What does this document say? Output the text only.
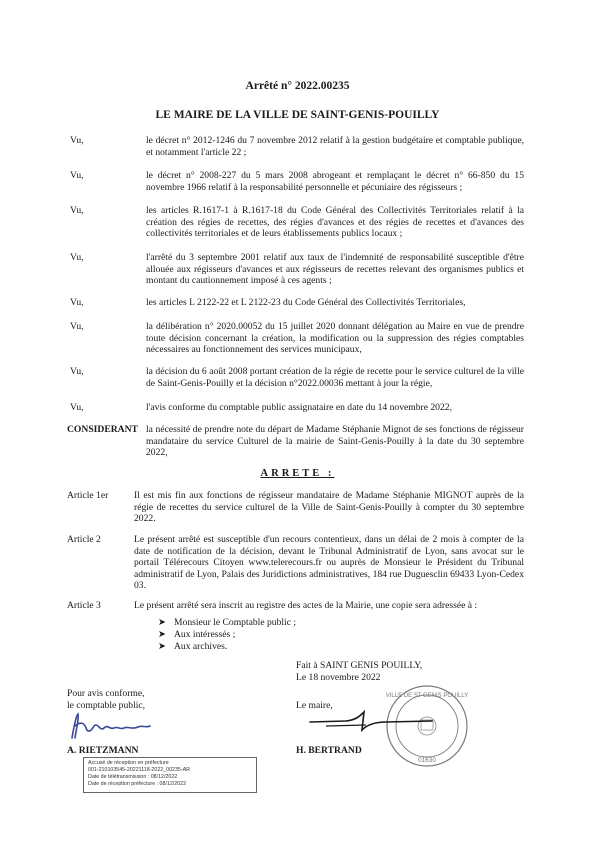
Arrêté n° 2022.00235
LE MAIRE DE LA VILLE DE SAINT-GENIS-POUILLY
Vu,	le décret n° 2012-1246 du 7 novembre 2012 relatif à la gestion budgétaire et comptable publique, et notamment l'article 22 ;
Vu,	le décret n° 2008-227 du 5 mars 2008 abrogeant et remplaçant le décret n° 66-850 du 15 novembre 1966 relatif à la responsabilité personnelle et pécuniaire des régisseurs ;
Vu,	les articles R.1617-1 à R.1617-18 du Code Général des Collectivités Territoriales relatif à la création des régies de recettes, des régies d'avances et des régies de recettes et d'avances des collectivités territoriales et de leurs établissements publics locaux ;
Vu,	l'arrêté du 3 septembre 2001 relatif aux taux de l'indemnité de responsabilité susceptible d'être allouée aux régisseurs d'avances et aux régisseurs de recettes relevant des organismes publics et montant du cautionnement imposé à ces agents ;
Vu,	les articles L 2122-22 et L 2122-23 du Code Général des Collectivités Territoriales,
Vu,	la délibération n° 2020.00052 du 15 juillet 2020 donnant délégation au Maire en vue de prendre toute décision concernant la création, la modification ou la suppression des régies comptables nécessaires au fonctionnement des services municipaux,
Vu,	la décision du 6 août 2008 portant création de la régie de recette pour le service culturel de la ville de Saint-Genis-Pouilly et la décision n°2022.00036 mettant à jour la régie,
Vu,	l'avis conforme du comptable public assignataire en date du 14 novembre 2022,
CONSIDERANT la nécessité de prendre note du départ de Madame Stéphanie Mignot de ses fonctions de régisseur mandataire du service Culturel de la mairie de Saint-Genis-Pouilly à la date du 30 septembre 2022,
ARRETE :
Article 1er	Il est mis fin aux fonctions de régisseur mandataire de Madame Stéphanie MIGNOT auprès de la régie de recettes du service culturel de la Ville de Saint-Genis-Pouilly à compter du 30 septembre 2022.
Article 2	Le présent arrêté est susceptible d'un recours contentieux, dans un délai de 2 mois à compter de la date de notification de la décision, devant le Tribunal Administratif de Lyon, sans avocat sur le portail Télérecours Citoyen www.telerecours.fr ou auprès de Monsieur le Président du Tribunal administratif de Lyon, Palais des Juridictions administratives, 184 rue Duguesclin 69433 Lyon-Cedex 03.
Article 3	Le présent arrêté sera inscrit au registre des actes de la Mairie, une copie sera adressée à :
➤ Monsieur le Comptable public ;
➤ Aux intéressés ;
➤ Aux archives.
Fait à SAINT GENIS POUILLY,
Le 18 novembre 2022
Pour avis conforme,
le comptable public,
A. RIETZMANN
Le maire,
VILLE DE ST GENIS POUILLY
01630
H. BERTRAND
Accusé de réception en préfecture
001-210103545-20221118-2022_00235-AR
Date de télétransmission : 08/12/2022
Date de réception préfecture : 08/12/2022
